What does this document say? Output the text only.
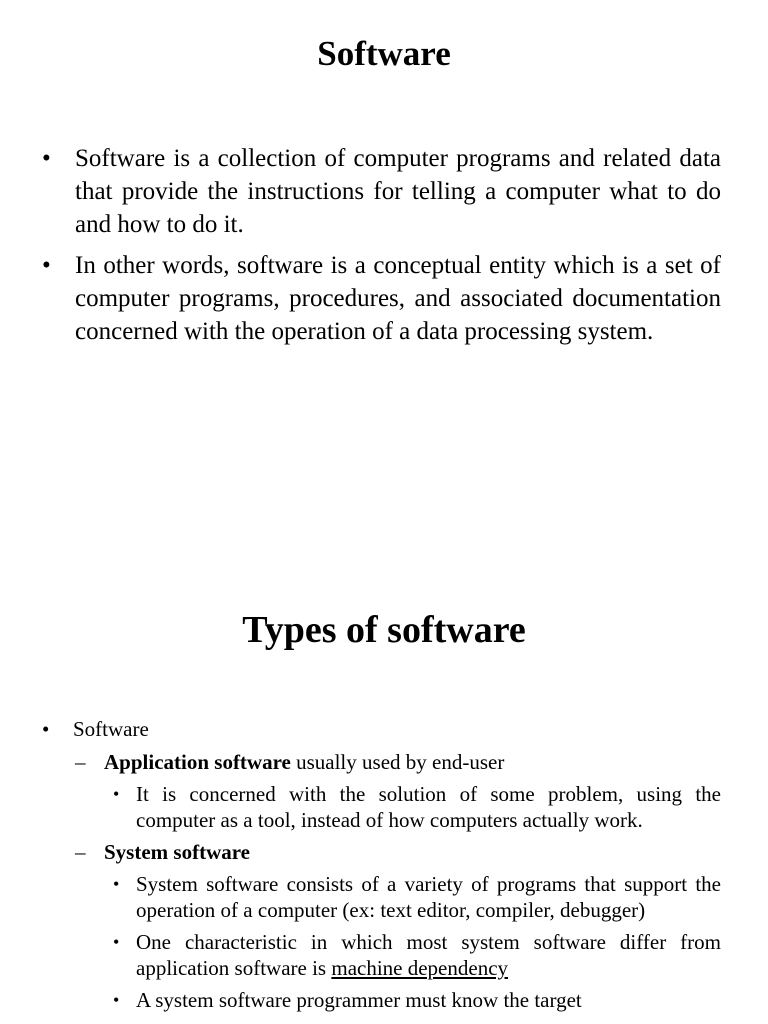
Software
• Software is a collection of computer programs and related data that provide the instructions for telling a computer what to do and how to do it.
• In other words, software is a conceptual entity which is a set of computer programs, procedures, and associated documentation concerned with the operation of a data processing system.
Types of software
• Software
– Application software usually used by end-user
• It is concerned with the solution of some problem, using the computer as a tool, instead of how computers actually work.
– System software
• System software consists of a variety of programs that support the operation of a computer (ex: text editor, compiler, debugger)
• One characteristic in which most system software differ from application software is machine dependency
• A system software programmer must know the target
